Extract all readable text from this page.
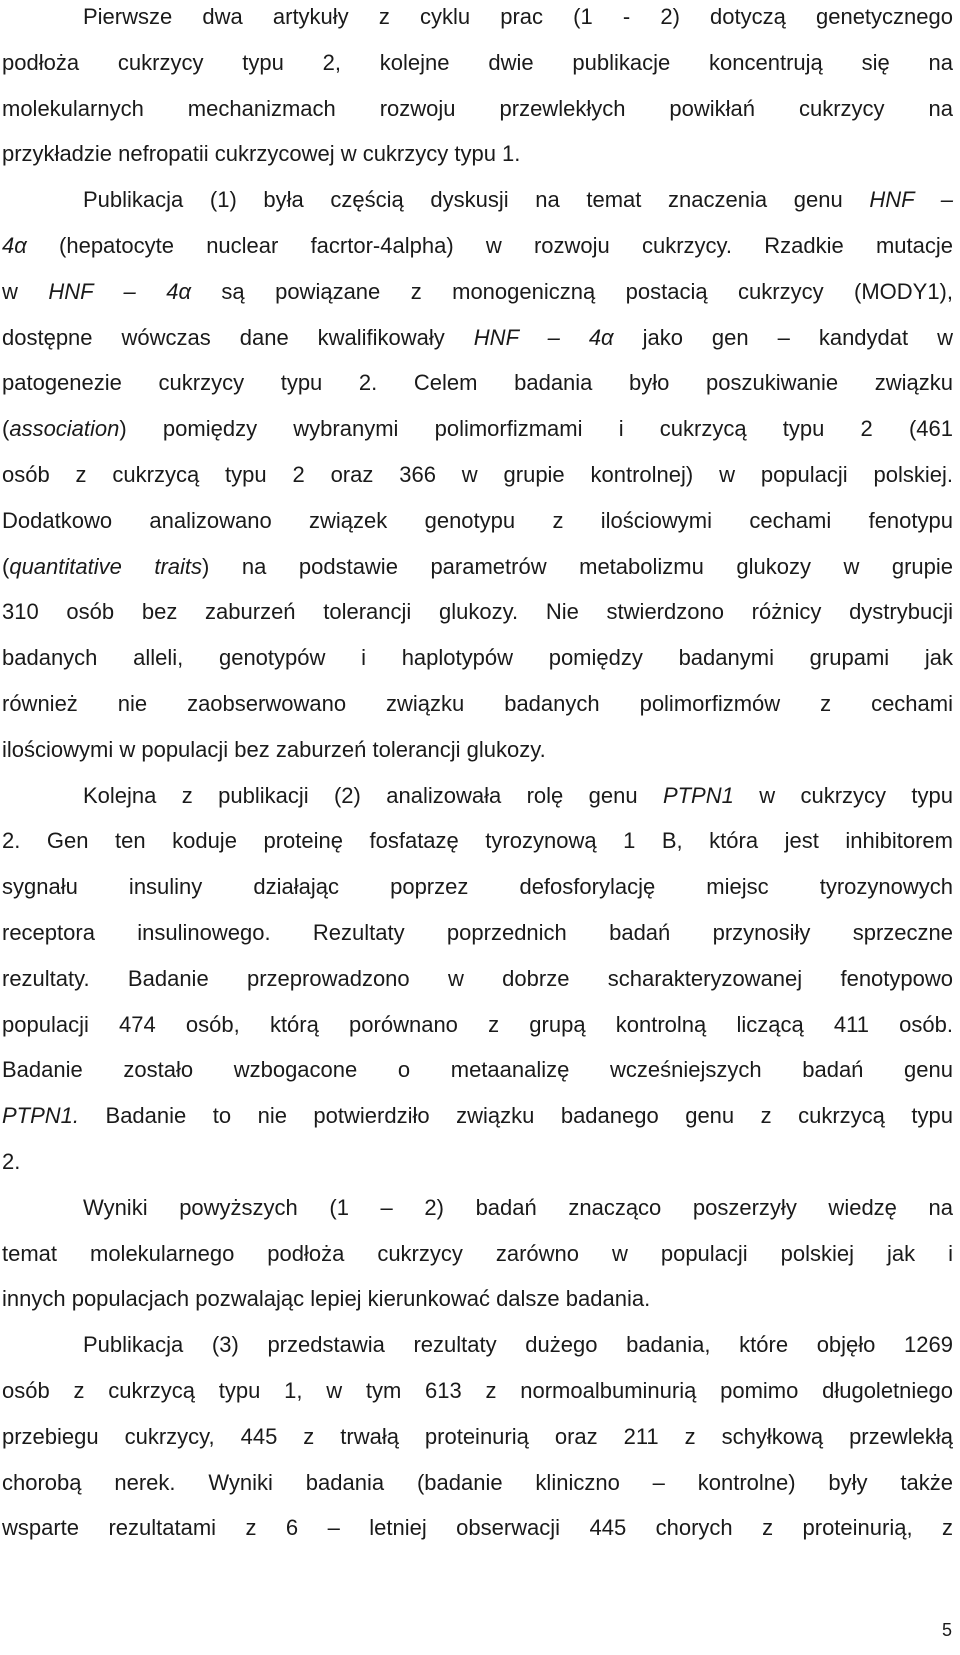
Pierwsze dwa artykuły z cyklu prac (1 - 2) dotyczą genetycznego
podłoża cukrzycy typu 2, kolejne dwie publikacje koncentrują się na
molekularnych mechanizmach rozwoju przewlekłych powikłań cukrzycy na
przykładzie nefropatii cukrzycowej w cukrzycy typu 1.
Publikacja (1) była częścią dyskusji na temat znaczenia genu HNF –
4α (hepatocyte nuclear facrtor-4alpha) w rozwoju cukrzycy. Rzadkie mutacje
w HNF – 4α są powiązane z monogeniczną postacią cukrzycy (MODY1),
dostępne wówczas dane kwalifikowały HNF – 4α jako gen – kandydat w
patogenezie cukrzycy typu 2. Celem badania było poszukiwanie związku
(association) pomiędzy wybranymi polimorfizmami i cukrzycą typu 2 (461
osób z cukrzycą typu 2 oraz 366 w grupie kontrolnej) w populacji polskiej.
Dodatkowo analizowano związek genotypu z ilościowymi cechami fenotypu
(quantitative traits) na podstawie parametrów metabolizmu glukozy w grupie
310 osób bez zaburzeń tolerancji glukozy. Nie stwierdzono różnicy dystrybucji
badanych alleli, genotypów i haplotypów pomiędzy badanymi grupami jak
również nie zaobserwowano związku badanych polimorfizmów z cechami
ilościowymi w populacji bez zaburzeń tolerancji glukozy.
Kolejna z publikacji (2) analizowała rolę genu PTPN1 w cukrzycy typu
2. Gen ten koduje proteinę fosfatazę tyrozynową 1 B, która jest inhibitorem
sygnału insuliny działając poprzez defosforylację miejsc tyrozynowych
receptora insulinowego. Rezultaty poprzednich badań przynosiły sprzeczne
rezultaty. Badanie przeprowadzono w dobrze scharakteryzowanej fenotypowo
populacji 474 osób, którą porównano z grupą kontrolną liczącą 411 osób.
Badanie zostało wzbogacone o metaanalizę wcześniejszych badań genu
PTPN1. Badanie to nie potwierdziło związku badanego genu z cukrzycą typu
2.
Wyniki powyższych (1 – 2) badań znacząco poszerzyły wiedzę na
temat molekularnego podłoża cukrzycy zarówno w populacji polskiej jak i
innych populacjach pozwalając lepiej kierunkować dalsze badania.
Publikacja (3) przedstawia rezultaty dużego badania, które objęło 1269
osób z cukrzycą typu 1, w tym 613 z normoalbuminurią pomimo długoletniego
przebiegu cukrzycy, 445 z trwałą proteinurią oraz 211 z schyłkową przewlekłą
chorobą nerek. Wyniki badania (badanie kliniczno – kontrolne) były także
wsparte rezultatami z 6 – letniej obserwacji 445 chorych z proteinurią, z
5
